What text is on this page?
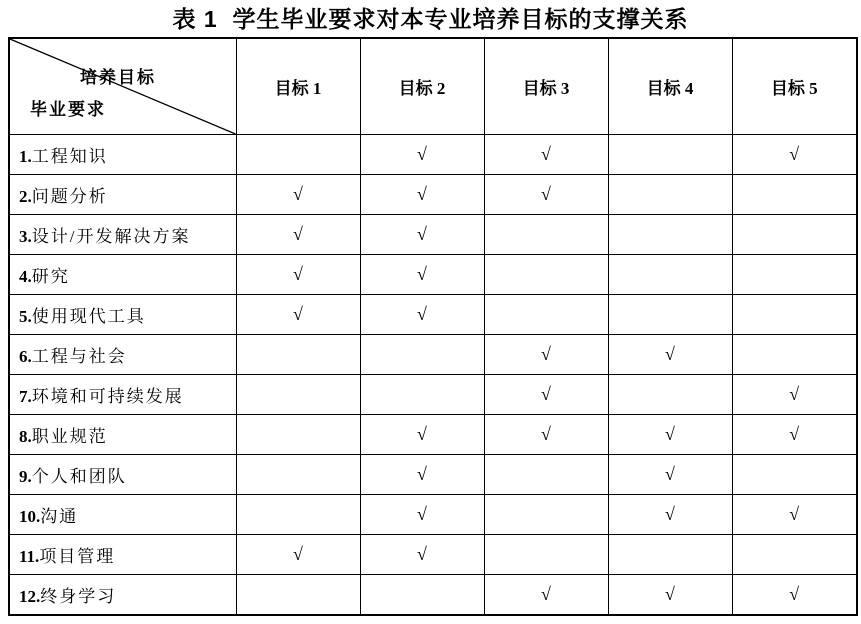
表 1  学生毕业要求对本专业培养目标的支撑关系
培养目标
毕业要求	目标 1	目标 2	目标 3	目标 4	目标 5
1.工程知识		√	√		√
2.问题分析	√	√	√		
3.设计/开发解决方案	√	√			
4.研究	√	√			
5.使用现代工具	√	√			
6.工程与社会			√	√	
7.环境和可持续发展			√		√
8.职业规范		√	√	√	√
9.个人和团队		√		√	
10.沟通		√		√	√
11.项目管理	√	√			
12.终身学习			√	√	√
